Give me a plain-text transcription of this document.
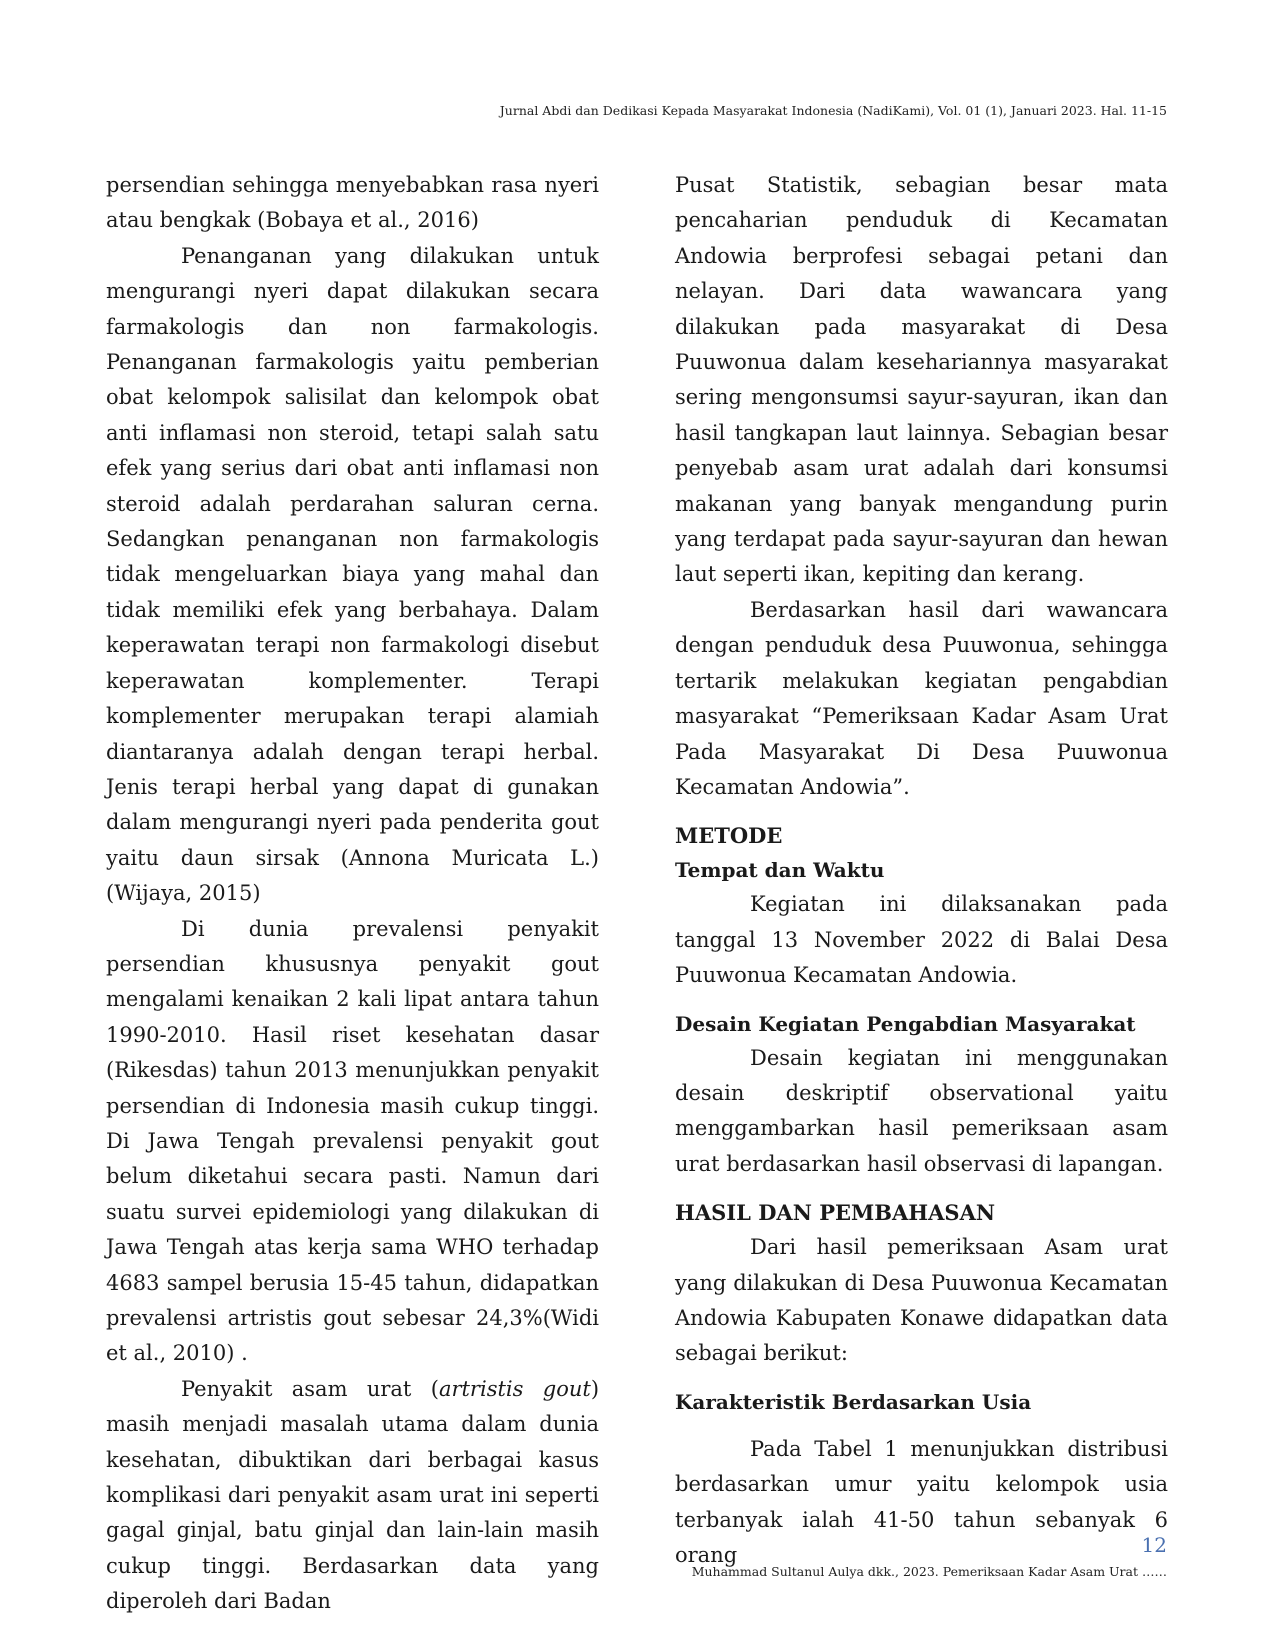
Jurnal Abdi dan Dedikasi Kepada Masyarakat Indonesia (NadiKami), Vol. 01 (1), Januari 2023. Hal. 11-15

persendian sehingga menyebabkan rasa nyeri atau bengkak (Bobaya et al., 2016)

Penanganan yang dilakukan untuk mengurangi nyeri dapat dilakukan secara farmakologis dan non farmakologis. Penanganan farmakologis yaitu pemberian obat kelompok salisilat dan kelompok obat anti inflamasi non steroid, tetapi salah satu efek yang serius dari obat anti inflamasi non steroid adalah perdarahan saluran cerna. Sedangkan penanganan non farmakologis tidak mengeluarkan biaya yang mahal dan tidak memiliki efek yang berbahaya. Dalam keperawatan terapi non farmakologi disebut keperawatan komplementer. Terapi komplementer merupakan terapi alamiah diantaranya adalah dengan terapi herbal. Jenis terapi herbal yang dapat di gunakan dalam mengurangi nyeri pada penderita gout yaitu daun sirsak (Annona Muricata L.) (Wijaya, 2015)

Di dunia prevalensi penyakit persendian khususnya penyakit gout mengalami kenaikan 2 kali lipat antara tahun 1990-2010. Hasil riset kesehatan dasar (Rikesdas) tahun 2013 menunjukkan penyakit persendian di Indonesia masih cukup tinggi. Di Jawa Tengah prevalensi penyakit gout belum diketahui secara pasti. Namun dari suatu survei epidemiologi yang dilakukan di Jawa Tengah atas kerja sama WHO terhadap 4683 sampel berusia 15-45 tahun, didapatkan prevalensi artristis gout sebesar 24,3%(Widi et al., 2010) .

Penyakit asam urat (artristis gout) masih menjadi masalah utama dalam dunia kesehatan, dibuktikan dari berbagai kasus komplikasi dari penyakit asam urat ini seperti gagal ginjal, batu ginjal dan lain-lain masih cukup tinggi. Berdasarkan data yang diperoleh dari Badan

Pusat Statistik, sebagian besar mata pencaharian penduduk di Kecamatan Andowia berprofesi sebagai petani dan nelayan. Dari data wawancara yang dilakukan pada masyarakat di Desa Puuwonua dalam kesehariannya masyarakat sering mengonsumsi sayur-sayuran, ikan dan hasil tangkapan laut lainnya. Sebagian besar penyebab asam urat adalah dari konsumsi makanan yang banyak mengandung purin yang terdapat pada sayur-sayuran dan hewan laut seperti ikan, kepiting dan kerang.

Berdasarkan hasil dari wawancara dengan penduduk desa Puuwonua, sehingga tertarik melakukan kegiatan pengabdian masyarakat “Pemeriksaan Kadar Asam Urat Pada Masyarakat Di Desa Puuwonua Kecamatan Andowia”.

METODE
Tempat dan Waktu

Kegiatan ini dilaksanakan pada tanggal 13 November 2022 di Balai Desa Puuwonua Kecamatan Andowia.

Desain Kegiatan Pengabdian Masyarakat

Desain kegiatan ini menggunakan desain deskriptif observational yaitu menggambarkan hasil pemeriksaan asam urat berdasarkan hasil observasi di lapangan.

HASIL DAN PEMBAHASAN

Dari hasil pemeriksaan Asam urat yang dilakukan di Desa Puuwonua Kecamatan Andowia Kabupaten Konawe didapatkan data sebagai berikut:

Karakteristik Berdasarkan Usia

Pada Tabel 1 menunjukkan distribusi berdasarkan umur yaitu kelompok usia terbanyak ialah 41-50 tahun sebanyak 6 orang	12
Muhammad Sultanul Aulya dkk., 2023. Pemeriksaan Kadar Asam Urat ……
